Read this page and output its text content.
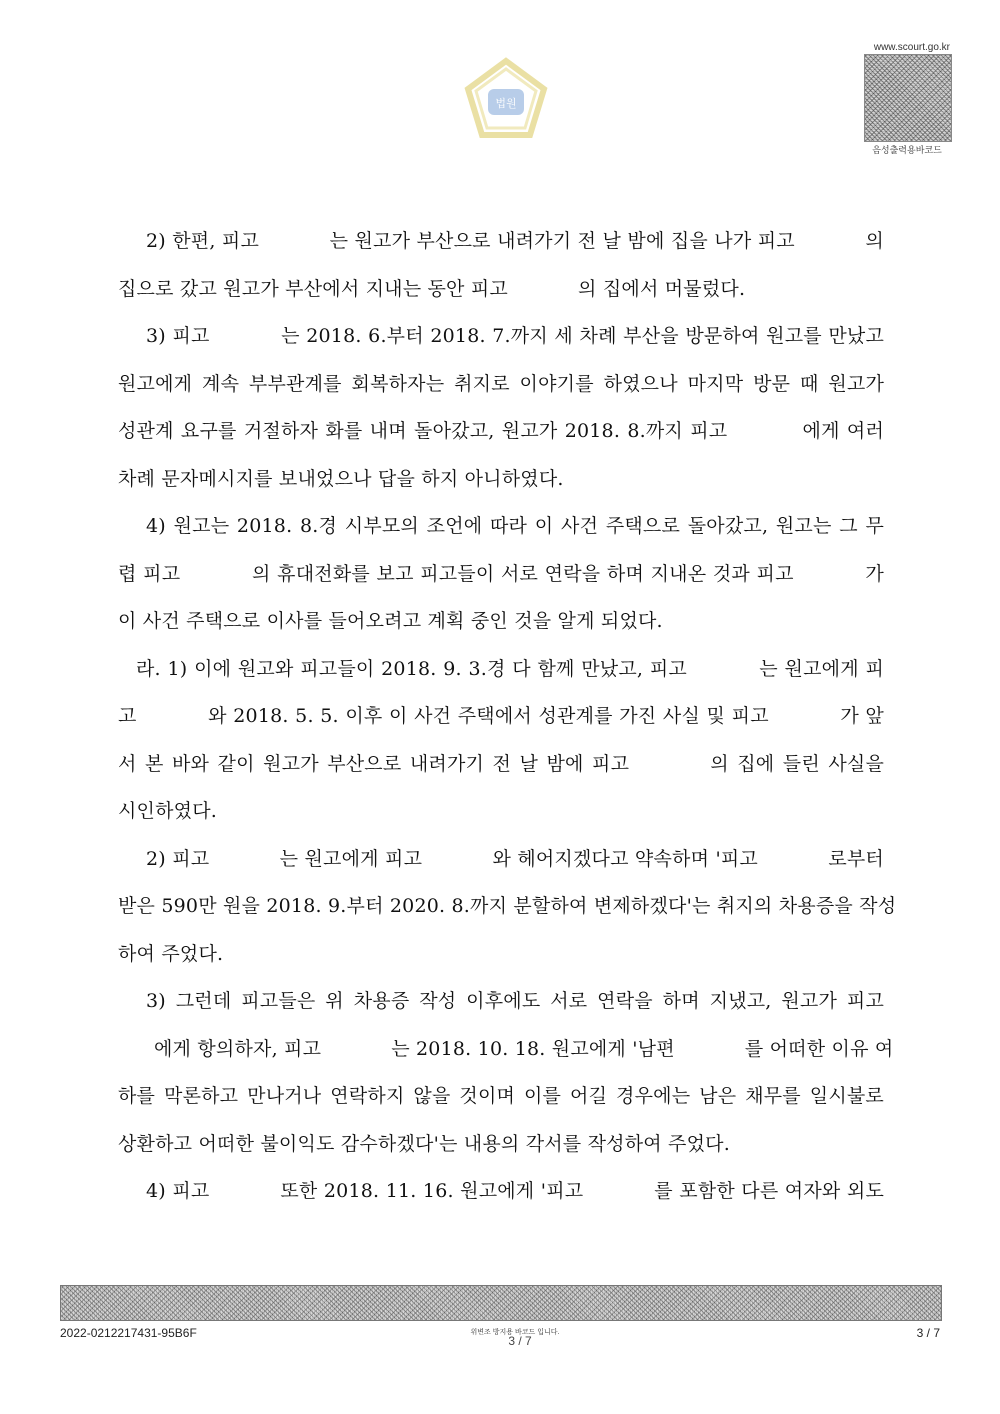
법원
www.scourt.go.kr
음성출력용바코드
2) 한편, 피고 　　　 는 원고가 부산으로 내려가기 전 날 밤에 집을 나가 피고 　　　 의
집으로 갔고 원고가 부산에서 지내는 동안 피고 　　　 의 집에서 머물렀다.
3) 피고 　　　 는 2018. 6.부터 2018. 7.까지 세 차례 부산을 방문하여 원고를 만났고
원고에게 계속 부부관계를 회복하자는 취지로 이야기를 하였으나 마지막 방문 때 원고가
성관계 요구를 거절하자 화를 내며 돌아갔고, 원고가 2018. 8.까지 피고 　　　 에게 여러
차례 문자메시지를 보내었으나 답을 하지 아니하였다.
4) 원고는 2018. 8.경 시부모의 조언에 따라 이 사건 주택으로 돌아갔고, 원고는 그 무
렵 피고 　　　 의 휴대전화를 보고 피고들이 서로 연락을 하며 지내온 것과 피고 　　　 가
이 사건 주택으로 이사를 들어오려고 계획 중인 것을 알게 되었다.
라. 1) 이에 원고와 피고들이 2018. 9. 3.경 다 함께 만났고, 피고 　　　 는 원고에게 피
고 　　　 와 2018. 5. 5. 이후 이 사건 주택에서 성관계를 가진 사실 및 피고 　　　 가 앞
서 본 바와 같이 원고가 부산으로 내려가기 전 날 밤에 피고 　　　 의 집에 들린 사실을
시인하였다.
2) 피고 　　　 는 원고에게 피고 　　　 와 헤어지겠다고 약속하며 '피고 　　　 로부터
받은 590만 원을 2018. 9.부터 2020. 8.까지 분할하여 변제하겠다'는 취지의 차용증을 작성
하여 주었다.
3) 그런데 피고들은 위 차용증 작성 이후에도 서로 연락을 하며 지냈고, 원고가 피고
에게 항의하자, 피고 　　　 는 2018. 10. 18. 원고에게 '남편 　　　 를 어떠한 이유 여
하를 막론하고 만나거나 연락하지 않을 것이며 이를 어길 경우에는 남은 채무를 일시불로
상환하고 어떠한 불이익도 감수하겠다'는 내용의 각서를 작성하여 주었다.
4) 피고 　　　 또한 2018. 11. 16. 원고에게 '피고 　　　 를 포함한 다른 여자와 외도
2022-0212217431-95B6F	위변조 방지용 바코드 입니다.
3 / 7
3 / 7
